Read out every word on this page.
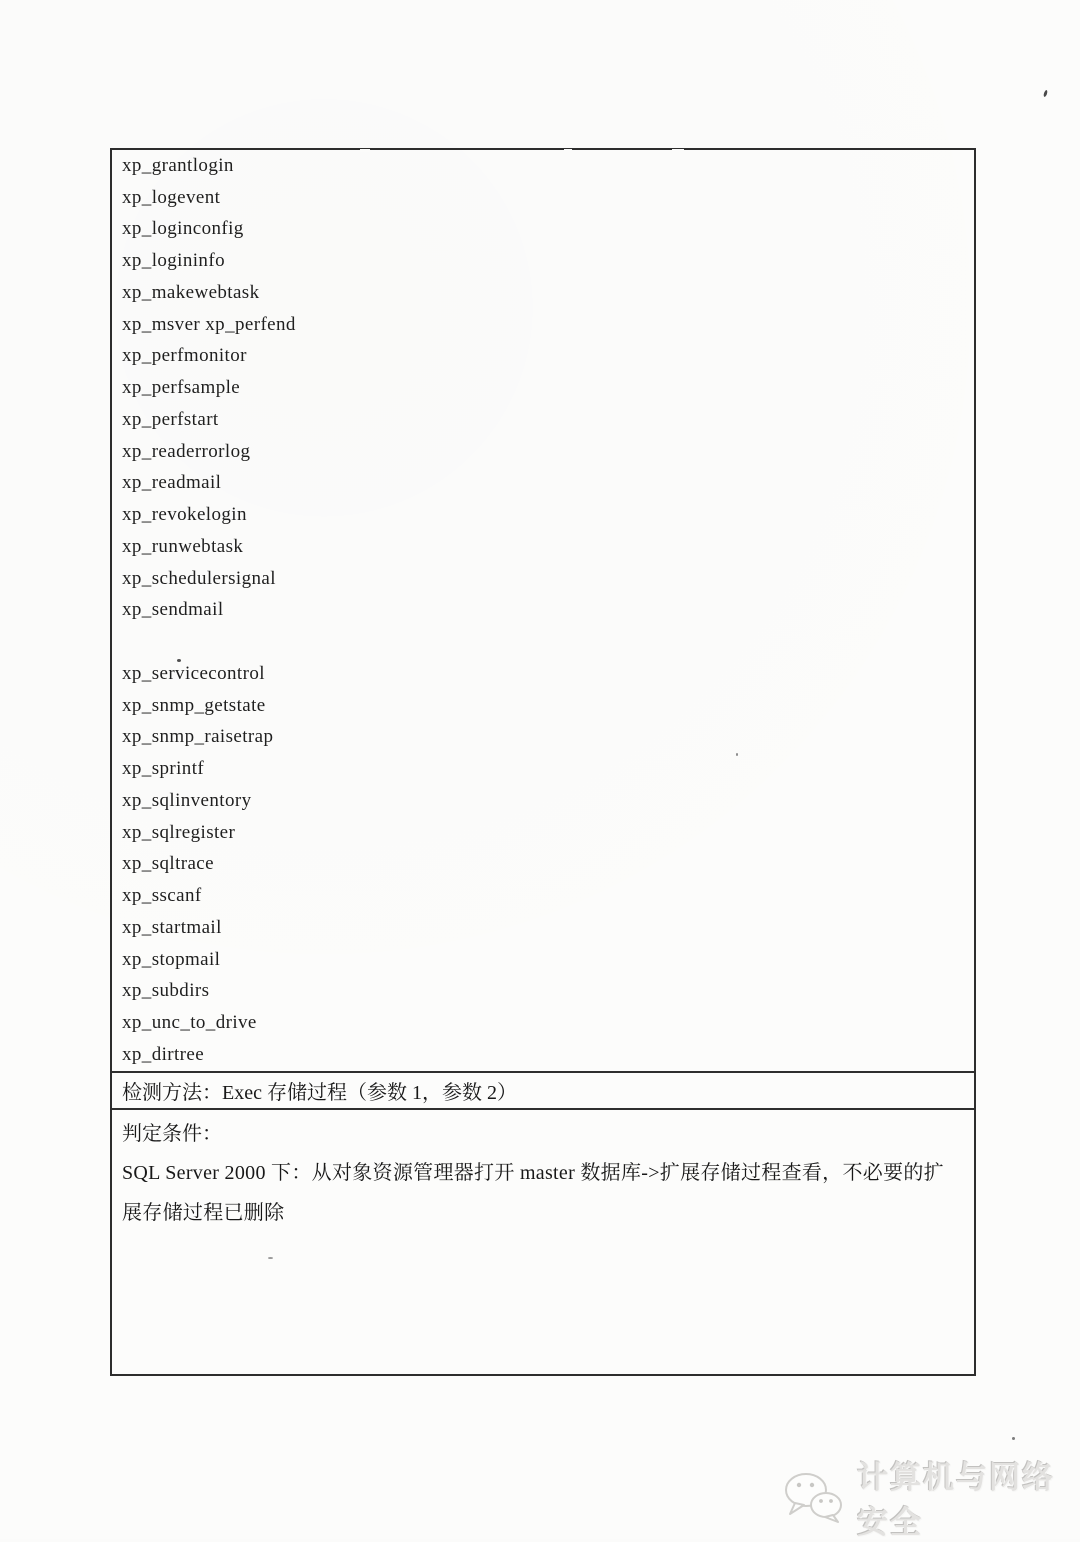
xp_grantlogin
xp_logevent
xp_loginconfig
xp_logininfo
xp_makewebtask
xp_msver xp_perfend
xp_perfmonitor
xp_perfsample
xp_perfstart
xp_readerrorlog
xp_readmail
xp_revokelogin
xp_runwebtask
xp_schedulersignal
xp_sendmail
xp_servicecontrol
xp_snmp_getstate
xp_snmp_raisetrap
xp_sprintf
xp_sqlinventory
xp_sqlregister
xp_sqltrace
xp_sscanf
xp_startmail
xp_stopmail
xp_subdirs
xp_unc_to_drive
xp_dirtree
检测方法：Exec 存储过程（参数 1，参数 2）
判定条件：
SQL Server 2000 下：从对象资源管理器打开 master 数据库->扩展存储过程查看，不必要的扩展存储过程已删除
计算机与网络安全
